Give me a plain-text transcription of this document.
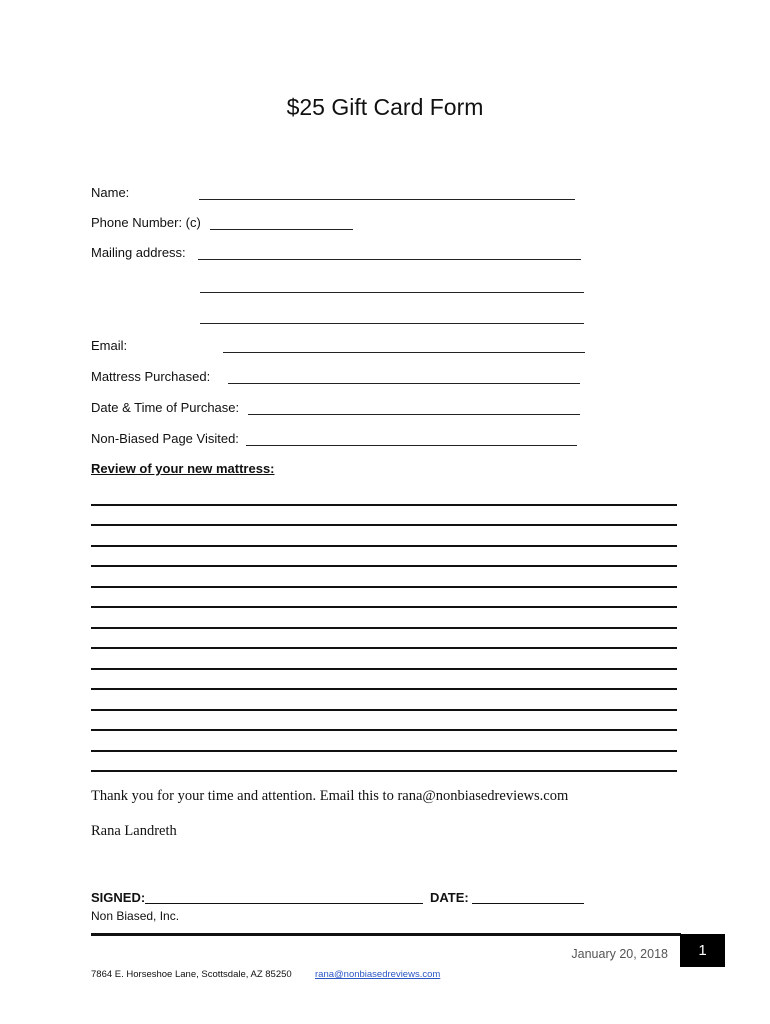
$25 Gift Card Form
Name:
Phone Number: (c)
Mailing address:
Email:
Mattress Purchased:
Date & Time of Purchase:
Non-Biased Page Visited:
Review of your new mattress:
Thank you for your time and attention. Email this to rana@nonbiasedreviews.com
Rana Landreth
SIGNED:	DATE:
Non Biased, Inc.
January 20, 2018	1
7864 E. Horseshoe Lane, Scottsdale, AZ 85250 rana@nonbiasedreviews.com
